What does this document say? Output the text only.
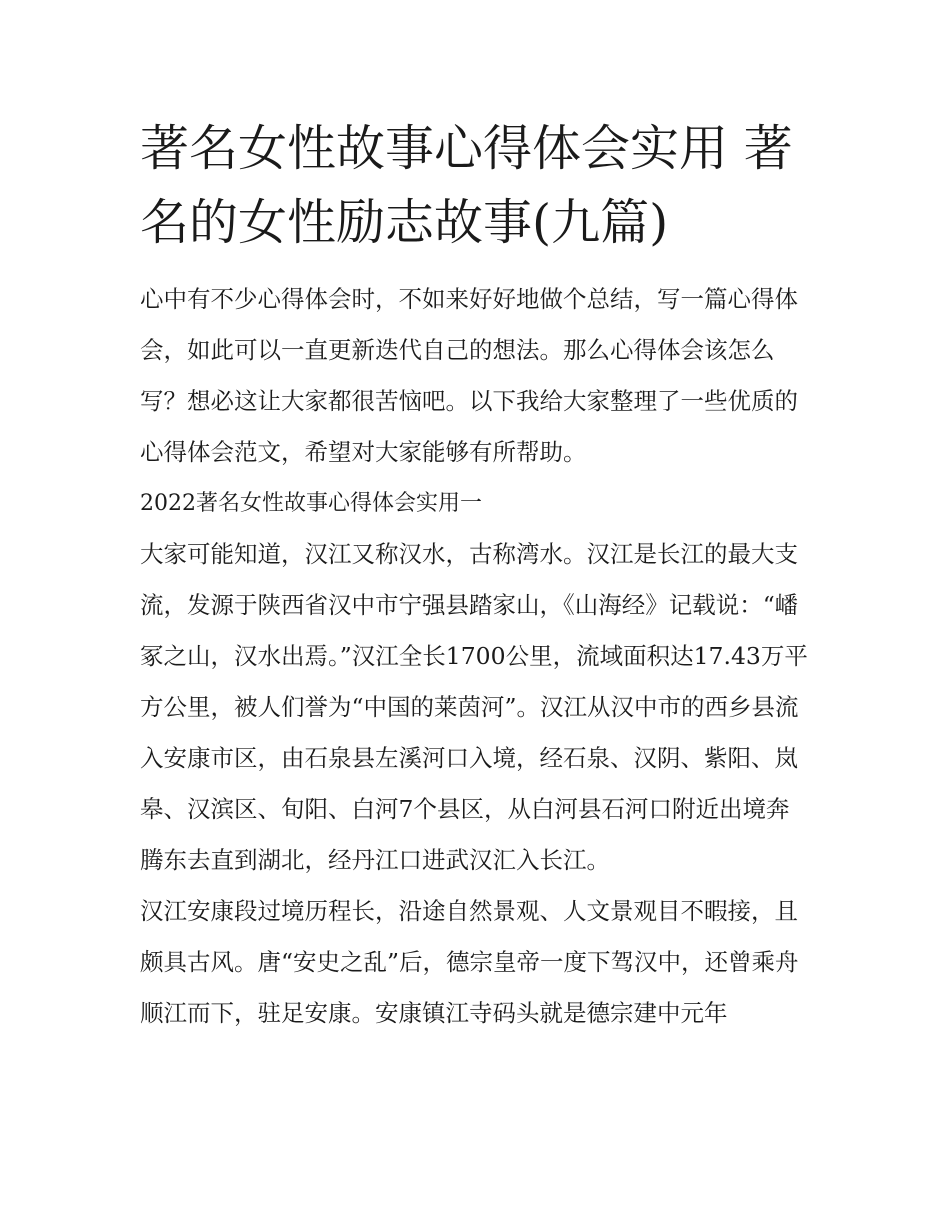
著名女性故事心得体会实用 著名的女性励志故事(九篇)

心中有不少心得体会时，不如来好好地做个总结，写一篇心得体会，如此可以一直更新迭代自己的想法。那么心得体会该怎么写？想必这让大家都很苦恼吧。以下我给大家整理了一些优质的心得体会范文，希望对大家能够有所帮助。

2022著名女性故事心得体会实用一

大家可能知道，汉江又称汉水，古称湾水。汉江是长江的最大支流，发源于陕西省汉中市宁强县踏家山，《山海经》记载说：“嶓冢之山，汉水出焉。”汉江全长1700公里，流域面积达17.43万平方公里，被人们誉为“中国的莱茵河”。汉江从汉中市的西乡县流入安康市区，由石泉县左溪河口入境，经石泉、汉阴、紫阳、岚皋、汉滨区、旬阳、白河7个县区，从白河县石河口附近出境奔腾东去直到湖北，经丹江口进武汉汇入长江。

汉江安康段过境历程长，沿途自然景观、人文景观目不暇接，且颇具古风。唐“安史之乱”后，德宗皇帝一度下驾汉中，还曾乘舟顺江而下，驻足安康。安康镇江寺码头就是德宗建中元年
